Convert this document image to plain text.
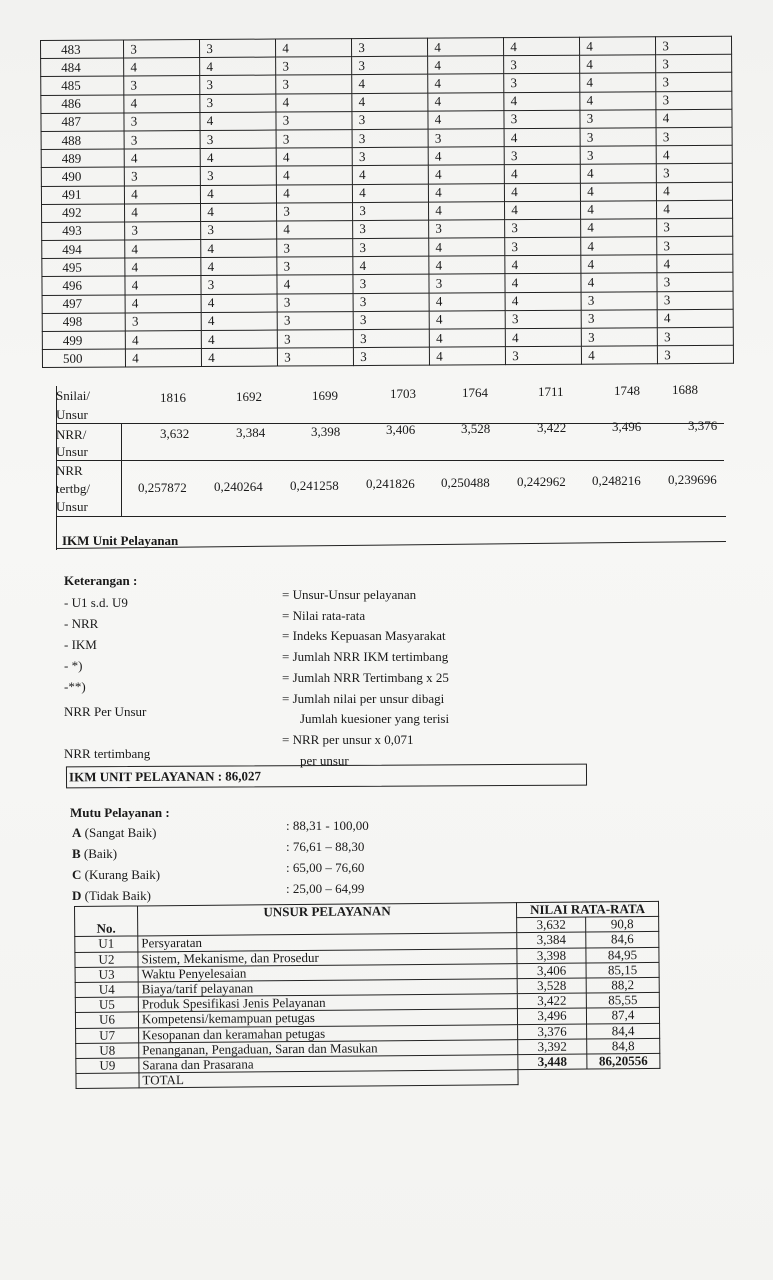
483	3	3	4	3	4	4	4	3
484	4	4	3	3	4	3	4	3
485	3	3	3	4	4	3	4	3
486	4	3	4	4	4	4	4	3
487	3	4	3	3	4	3	3	4
488	3	3	3	3	3	4	3	3
489	4	4	4	3	4	3	3	4
490	3	3	4	4	4	4	4	3
491	4	4	4	4	4	4	4	4
492	4	4	3	3	4	4	4	4
493	3	3	4	3	3	3	4	3
494	4	4	3	3	4	3	4	3
495	4	4	3	4	4	4	4	4
496	4	3	4	3	3	4	4	3
497	4	4	3	3	4	4	3	3
498	3	4	3	3	4	3	3	4
499	4	4	3	3	4	4	3	3
500	4	4	3	3	4	3	4	3
Snilai/
Unsur
1816	1692	1699	1703	1764	1711	1748 1688
NRR/
Unsur
3,632	3,384	3,398	3,406	3,528	3,422	3,496	3,376
NRR
tertbg/
Unsur
0,257872 0,240264 0,241258 0,241826 0,250488 0,242962 0,248216 0,239696
IKM Unit Pelayanan
Keterangan :
- U1 s.d. U9
= Unsur-Unsur pelayanan
- NRR
= Nilai rata-rata
- IKM
= Indeks Kepuasan Masyarakat
- *)
= Jumlah NRR IKM tertimbang
-**)
= Jumlah NRR Tertimbang x 25
NRR Per Unsur
= Jumlah nilai per unsur dibagi
Jumlah kuesioner yang terisi
NRR tertimbang
= NRR per unsur x 0,071
per unsur
IKM UNIT PELAYANAN : 86,027
Mutu Pelayanan :
A (Sangat Baik)	: 88,31 - 100,00
B (Baik)	: 76,61 – 88,30
C (Kurang Baik)	: 65,00 – 76,60
D (Tidak Baik)	: 25,00 – 64,99
	UNSUR PELAYANAN	NILAI RATA-RATA	
No.		3,632	90,8
U1	Persyaratan	3,384	84,6
U2	Sistem, Mekanisme, dan Prosedur	3,398	84,95
U3	Waktu Penyelesaian	3,406	85,15
U4	Biaya/tarif pelayanan	3,528	88,2
U5	Produk Spesifikasi Jenis Pelayanan	3,422	85,55
U6	Kompetensi/kemampuan petugas	3,496	87,4
U7	Kesopanan dan keramahan petugas	3,376	84,4
U8	Penanganan, Pengaduan, Saran dan Masukan	3,392	84,8
U9	Sarana dan Prasarana	3,448	86,20556
	TOTAL		
